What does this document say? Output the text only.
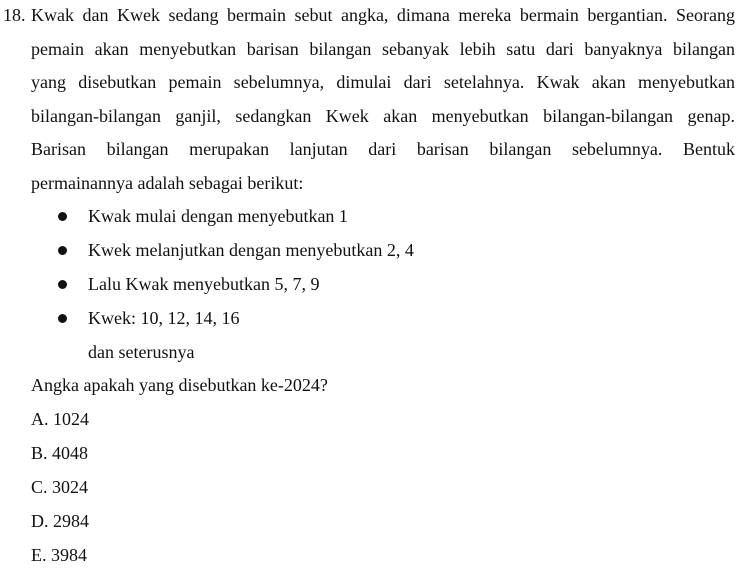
18. Kwak dan Kwek sedang bermain sebut angka, dimana mereka bermain bergantian. Seorang
pemain akan menyebutkan barisan bilangan sebanyak lebih satu dari banyaknya bilangan
yang disebutkan pemain sebelumnya, dimulai dari setelahnya. Kwak akan menyebutkan
bilangan-bilangan ganjil, sedangkan Kwek akan menyebutkan bilangan-bilangan genap.
Barisan bilangan merupakan lanjutan dari barisan bilangan sebelumnya. Bentuk
permainannya adalah sebagai berikut:
Kwak mulai dengan menyebutkan 1
Kwek melanjutkan dengan menyebutkan 2, 4
Lalu Kwak menyebutkan 5, 7, 9
Kwek: 10, 12, 14, 16
dan seterusnya
Angka apakah yang disebutkan ke-2024?
A. 1024
B. 4048
C. 3024
D. 2984
E. 3984
